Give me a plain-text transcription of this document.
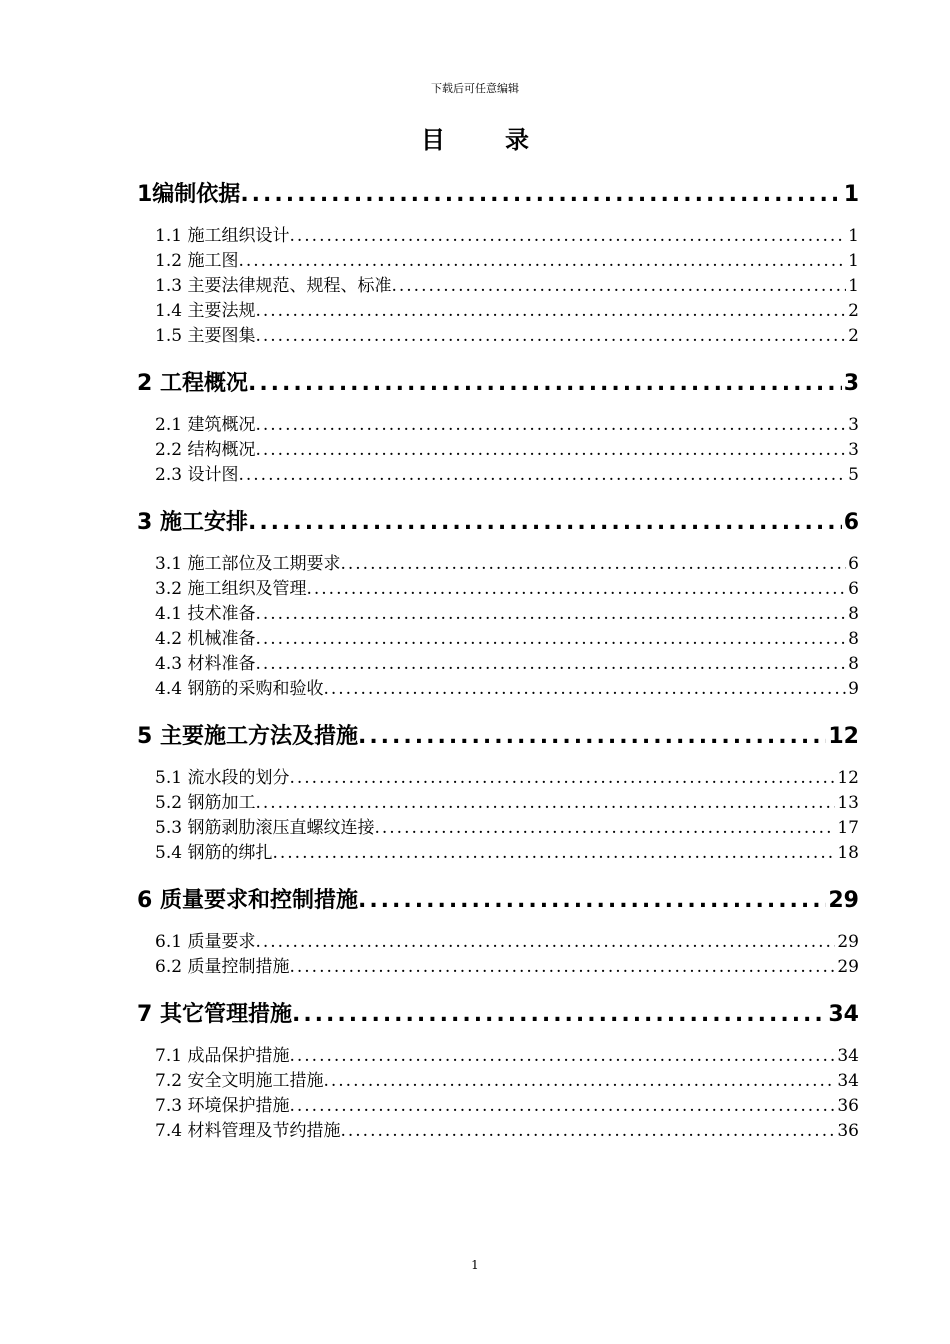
下载后可任意编辑
目	录
1编制依据 .....	1
1.1 施工组织设计 .....	1
1.2 施工图 .....	1
1.3 主要法律规范、规程、标准 .....	1
1.4 主要法规 .....	2
1.5 主要图集 .....	2
2 工程概况 .....	3
2.1 建筑概况 .....	3
2.2 结构概况 .....	3
2.3 设计图 .....	5
3 施工安排 .....	6
3.1 施工部位及工期要求 .....	6
3.2 施工组织及管理 .....	6
4.1 技术准备 .....	8
4.2 机械准备 .....	8
4.3 材料准备 .....	8
4.4 钢筋的采购和验收 .....	9
5 主要施工方法及措施 .....	12
5.1 流水段的划分 .....	12
5.2 钢筋加工 .....	13
5.3 钢筋剥肋滚压直螺纹连接 .....	17
5.4 钢筋的绑扎 .....	18
6 质量要求和控制措施 .....	29
6.1 质量要求 .....	29
6.2 质量控制措施 .....	29
7 其它管理措施 .....	34
7.1 成品保护措施 .....	34
7.2 安全文明施工措施 .....	34
7.3 环境保护措施 .....	36
7.4 材料管理及节约措施 .....	36
1
